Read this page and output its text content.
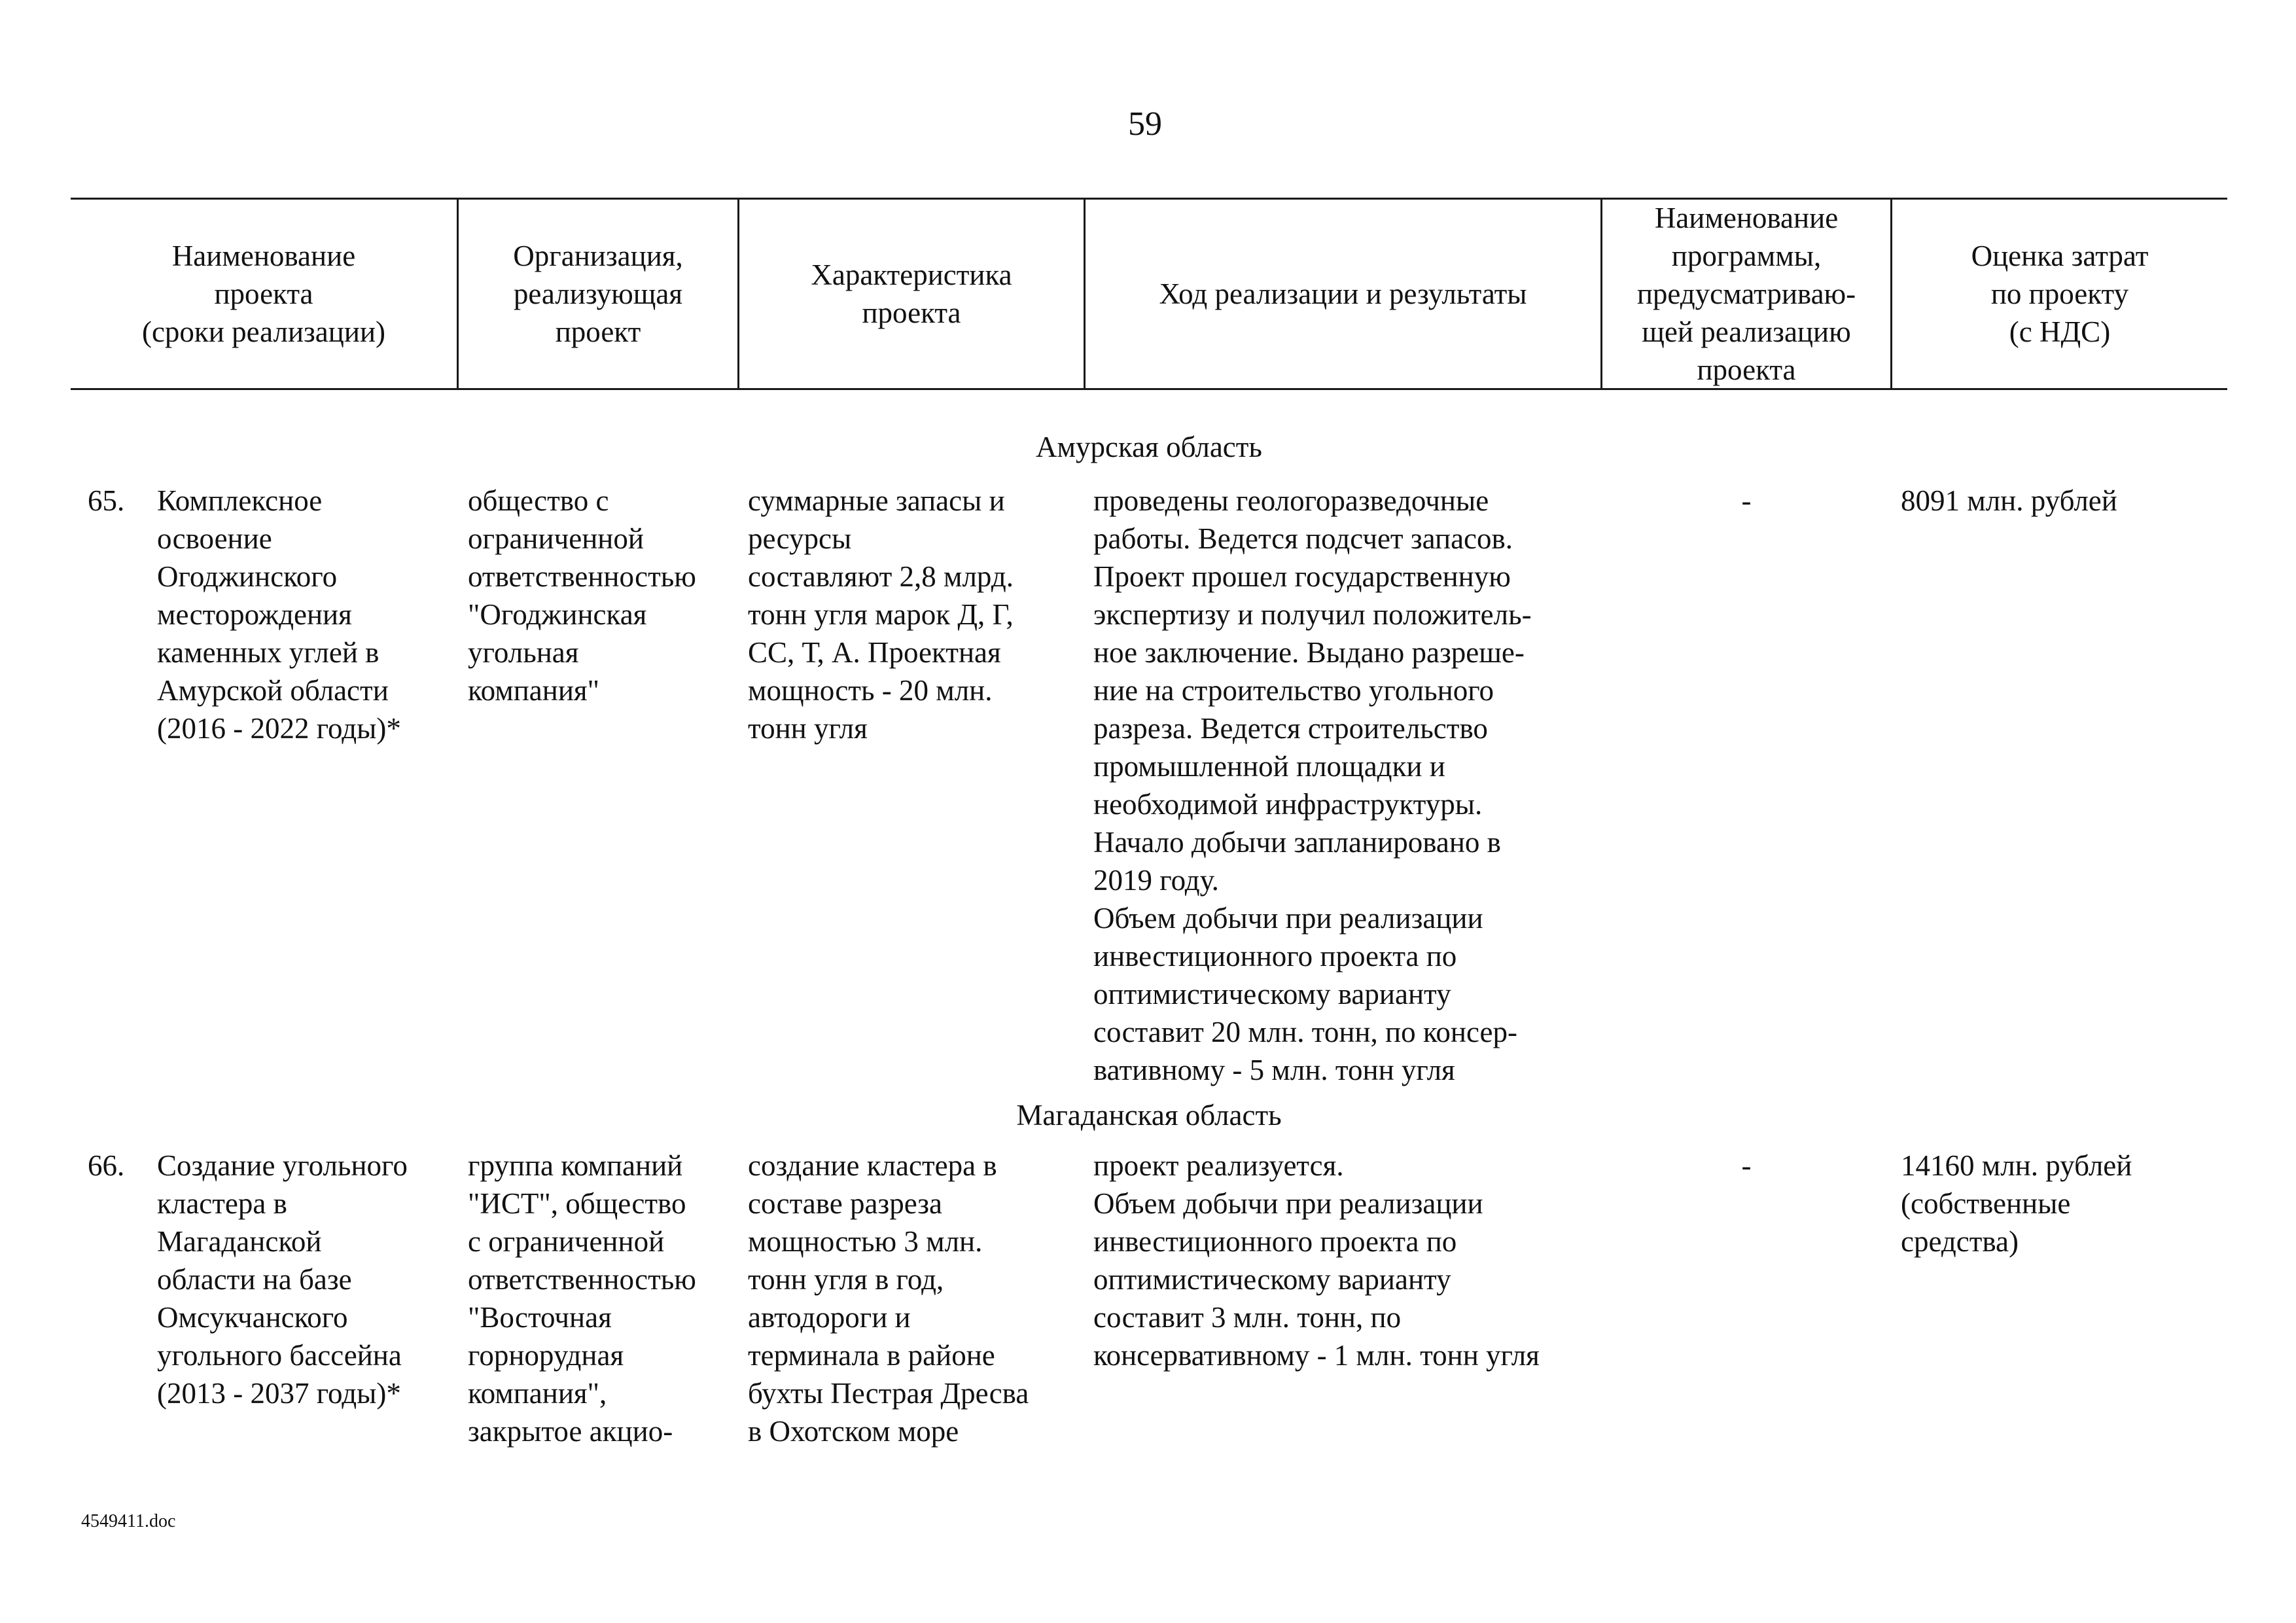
59
Наименование
проекта
(сроки реализации)
Организация,
реализующая
проект
Характеристика
проекта
Ход реализации и результаты
Наименование
программы,
предусматриваю-
щей реализацию
проекта
Оценка затрат
по проекту
(с НДС)
Амурская область
65. Комплексное
освоение
Огоджинского
месторождения
каменных углей в
Амурской области
(2016 - 2022 годы)*
общество с
ограниченной
ответственностью
"Огоджинская
угольная
компания"
суммарные запасы и
ресурсы
составляют 2,8 млрд.
тонн угля марок Д, Г,
СС, Т, А. Проектная
мощность - 20 млн.
тонн угля
проведены геологоразведочные
работы. Ведется подсчет запасов.
Проект прошел государственную
экспертизу и получил положитель-
ное заключение. Выдано разреше-
ние на строительство угольного
разреза. Ведется строительство
промышленной площадки и
необходимой инфраструктуры.
Начало добычи запланировано в
2019 году.
Объем добычи при реализации
инвестиционного проекта по
оптимистическому варианту
составит 20 млн. тонн, по консер-
вативному - 5 млн. тонн угля
-	8091 млн. рублей
Магаданская область
66. Создание угольного
кластера в
Магаданской
области на базе
Омсукчанского
угольного бассейна
(2013 - 2037 годы)*
группа компаний
"ИСТ", общество
с ограниченной
ответственностью
"Восточная
горнорудная
компания",
закрытое акцио-
создание кластера в
составе разреза
мощностью 3 млн.
тонн угля в год,
автодороги и
терминала в районе
бухты Пестрая Дресва
в Охотском море
проект реализуется.
Объем добычи при реализации
инвестиционного проекта по
оптимистическому варианту
составит 3 млн. тонн, по
консервативному - 1 млн. тонн угля
-	14160 млн. рублей
(собственные
средства)
4549411.doc
